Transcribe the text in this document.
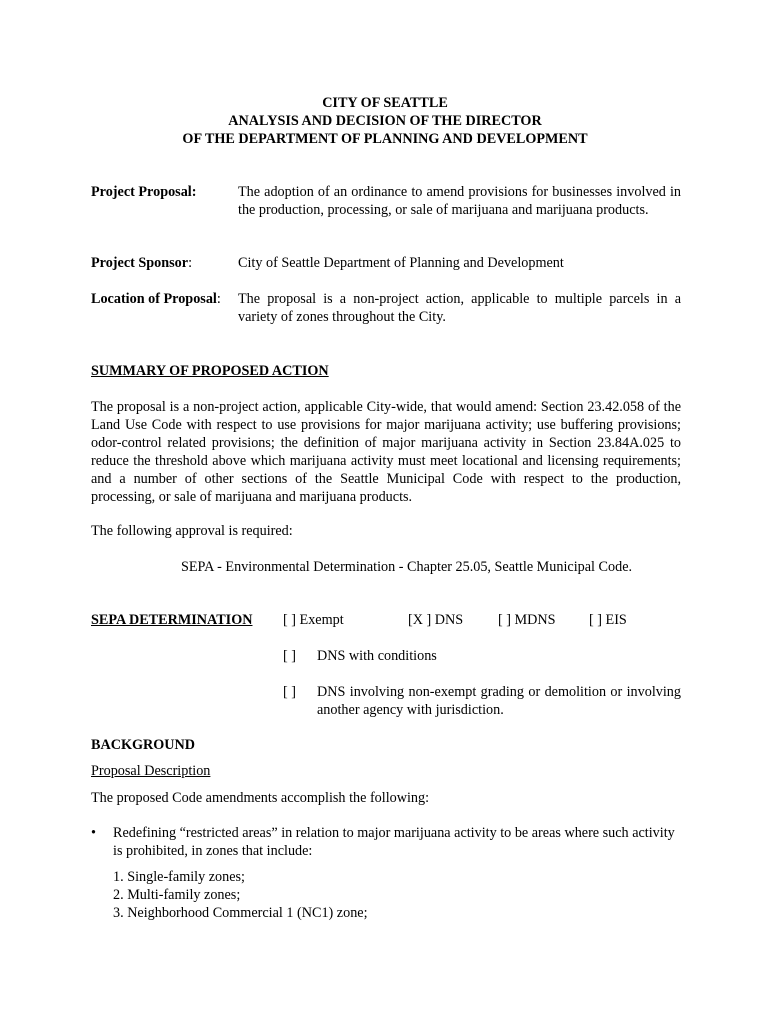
CITY OF SEATTLE
ANALYSIS AND DECISION OF THE DIRECTOR
OF THE DEPARTMENT OF PLANNING AND DEVELOPMENT
Project Proposal:	The adoption of an ordinance to amend provisions for businesses involved in the production, processing, or sale of marijuana and marijuana products.
Project Sponsor:	City of Seattle Department of Planning and Development
Location of Proposal: The proposal is a non-project action, applicable to multiple parcels in a variety of zones throughout the City.
SUMMARY OF PROPOSED ACTION
The proposal is a non-project action, applicable City-wide, that would amend: Section 23.42.058 of the Land Use Code with respect to use provisions for major marijuana activity; use buffering provisions; odor-control related provisions; the definition of major marijuana activity in Section 23.84A.025 to reduce the threshold above which marijuana activity must meet locational and licensing requirements; and a number of other sections of the Seattle Municipal Code with respect to the production, processing, or sale of marijuana and marijuana products.
The following approval is required:
SEPA - Environmental Determination - Chapter 25.05, Seattle Municipal Code.
SEPA DETERMINATION [ ] Exempt	[X ] DNS [ ] MDNS [ ] EIS
[ ] DNS with conditions
[ ] DNS involving non-exempt grading or demolition or involving another agency with jurisdiction.
BACKGROUND
Proposal Description
The proposed Code amendments accomplish the following:
• Redefining “restricted areas” in relation to major marijuana activity to be areas where such activity is prohibited, in zones that include:
1. Single-family zones;
2. Multi-family zones;
3. Neighborhood Commercial 1 (NC1) zone;
